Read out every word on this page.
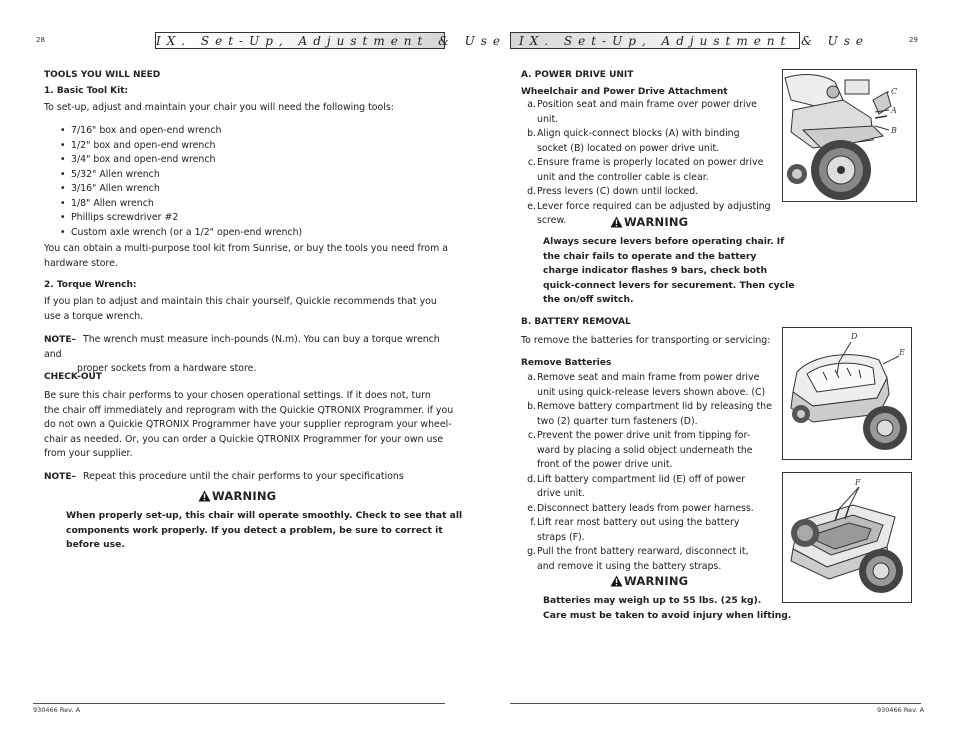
28	IX. Set-Up, Adjustment & Use
TOOLS YOU WILL NEED
1. Basic Tool Kit:
To set-up, adjust and maintain your chair you will need the following tools:
• 7/16" box and open-end wrench
• 1/2" box and open-end wrench
• 3/4" box and open-end wrench
• 5/32" Allen wrench
• 3/16" Allen wrench
• 1/8" Allen wrench
• Phillips screwdriver #2
• Custom axle wrench (or a 1/2" open-end wrench)
You can obtain a multi-purpose tool kit from Sunrise, or buy the tools you need from a
hardware store.
2. Torque Wrench:
If you plan to adjust and maintain this chair yourself, Quickie recommends that you
use a torque wrench.
NOTE– The wrench must measure inch-pounds (N.m). You can buy a torque wrench and
proper sockets from a hardware store.
CHECK-OUT
Be sure this chair performs to your chosen operational settings. If it does not, turn
the chair off immediately and reprogram with the Quickie QTRONIX Programmer. if you
do not own a Quickie QTRONIX Programmer have your supplier reprogram your wheel-
chair as needed. Or, you can order a Quickie QTRONIX Programmer for your own use
from your supplier.
NOTE– Repeat this procedure until the chair performs to your specifications
WARNING
When properly set-up, this chair will operate smoothly. Check to see that all
components work properly. If you detect a problem, be sure to correct it
before use.
930466 Rev. A
IX. Set-Up, Adjustment & Use	29
A. POWER DRIVE UNIT
Wheelchair and Power Drive Attachment
a. Position seat and main frame over power drive unit.
b. Align quick-connect blocks (A) with binding
socket (B) located on power drive unit.
c. Ensure frame is properly located on power drive
unit and the controller cable is clear.
d. Press levers (C) down until locked.
e. Lever force required can be adjusted by adjusting
screw.	WARNING
Always secure levers before operating chair. If
the chair fails to operate and the battery
charge indicator flashes 9 bars, check both
quick-connect levers for securement. Then cycle
the on/off switch.
B. BATTERY REMOVAL
To remove the batteries for transporting or servicing:
Remove Batteries
a. Remove seat and main frame from power drive
unit using quick-release levers shown above. (C)
b. Remove battery compartment lid by releasing the
two (2) quarter turn fasteners (D).
c. Prevent the power drive unit from tipping for-
ward by placing a solid object underneath the
front of the power drive unit.
d. Lift battery compartment lid (E) off of power
drive unit.
e. Disconnect battery leads from power harness.
f. Lift rear most battery out using the battery
straps (F).
g. Pull the front battery rearward, disconnect it,
and remove it using the battery straps.
WARNING
Batteries may weigh up to 55 lbs. (25 kg).
Care must be taken to avoid injury when lifting.
C
A
B
D
E
F
930466 Rev. A
